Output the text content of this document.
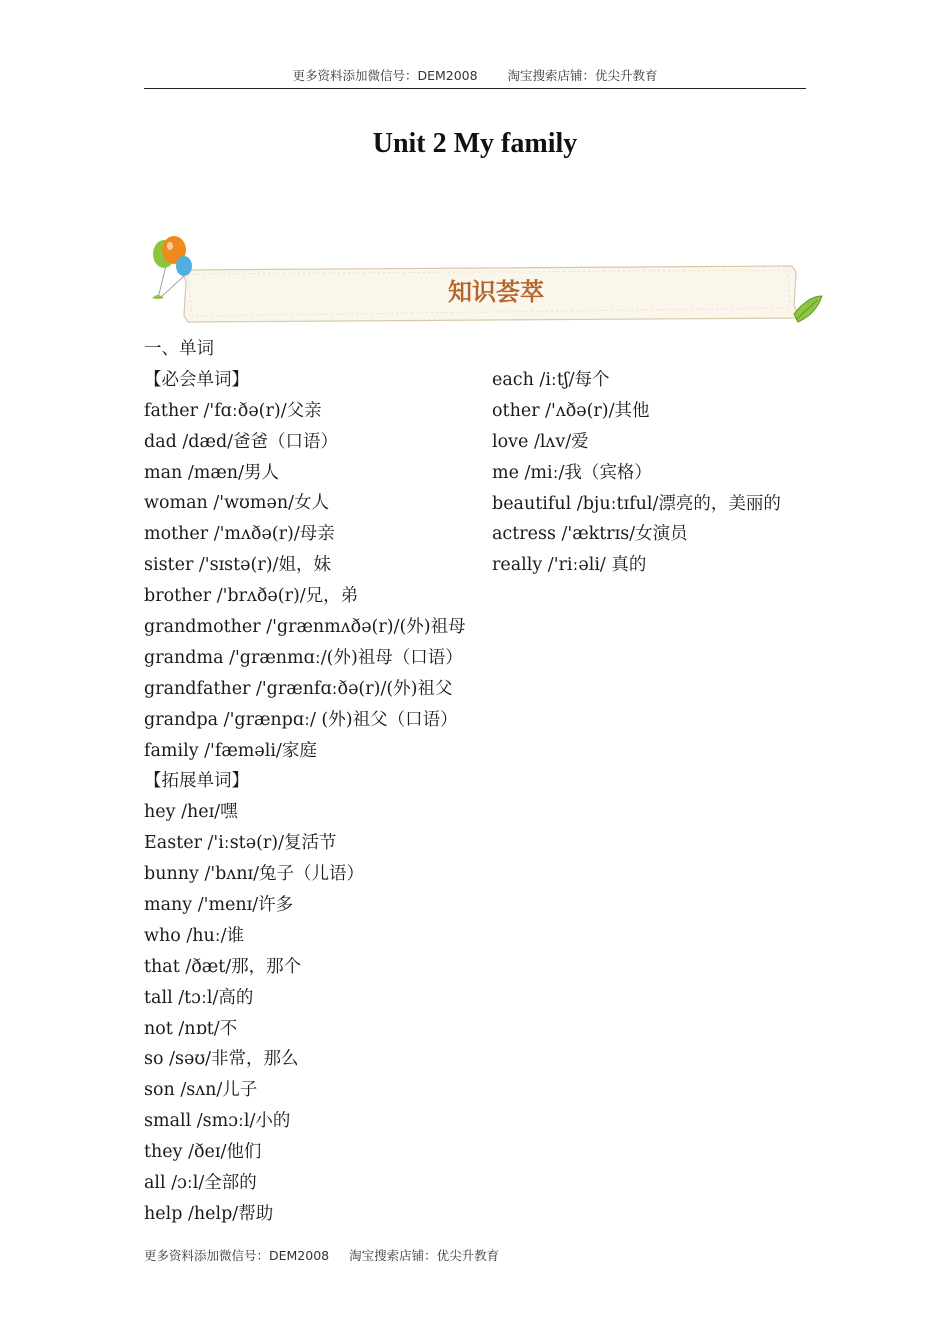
更多资料添加微信号：DEM2008 淘宝搜索店铺：优尖升教育
Unit 2 My family
知识荟萃
一、单词
【必会单词】
father /'fɑːðə(r)/父亲
dad /dæd/爸爸（口语）
man /mæn/男人
woman /'wʊmən/女人
mother /'mʌðə(r)/母亲
sister /'sɪstə(r)/姐，妹
brother /'brʌðə(r)/兄，弟
grandmother /'grænmʌðə(r)/(外)祖母
grandma /'grænmɑː/(外)祖母（口语）
grandfather /'grænfɑːðə(r)/(外)祖父
grandpa /'grænpɑː/ (外)祖父（口语）
family /'fæməli/家庭
【拓展单词】
hey /heɪ/嘿
Easter /'iːstə(r)/复活节
bunny /'bʌnɪ/兔子（儿语）
many /'menɪ/许多
who /huː/谁
that /ðæt/那，那个
tall /tɔːl/高的
not /nɒt/不
so /səʊ/非常，那么
son /sʌn/儿子
small /smɔːl/小的
they /ðeɪ/他们
all /ɔːl/全部的
help /help/帮助
each /iːtʃ/每个
other /'ʌðə(r)/其他
love /lʌv/爱
me /miː/我（宾格）
beautiful /bjuːtɪful/漂亮的，美丽的
actress /'æktrɪs/女演员
really /'riːəli/ 真的
更多资料添加微信号：DEM2008 淘宝搜索店铺：优尖升教育
